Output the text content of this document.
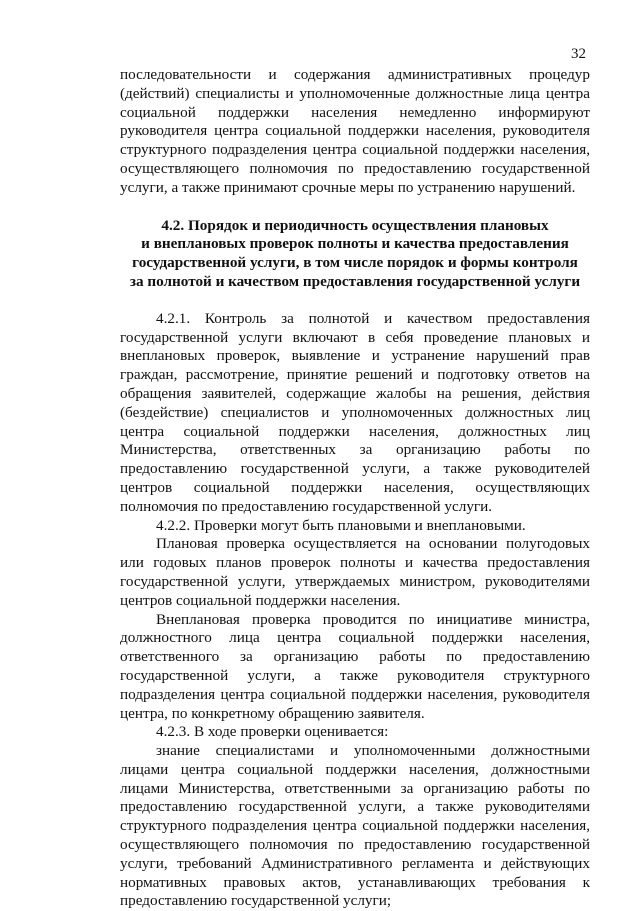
32

последовательности и содержания административных процедур (действий) специалисты и уполномоченные должностные лица центра социальной поддержки населения немедленно информируют руководителя центра социальной поддержки населения, руководителя структурного подразделения центра социальной поддержки населения, осуществляющего полномочия по предоставлению государственной услуги, а также принимают срочные меры по устранению нарушений.

4.2. Порядок и периодичность осуществления плановых
и внеплановых проверок полноты и качества предоставления
государственной услуги, в том числе порядок и формы контроля
за полнотой и качеством предоставления государственной услуги

4.2.1. Контроль за полнотой и качеством предоставления государственной услуги включают в себя проведение плановых и внеплановых проверок, выявление и устранение нарушений прав граждан, рассмотрение, принятие решений и подготовку ответов на обращения заявителей, содержащие жалобы на решения, действия (бездействие) специалистов и уполномоченных должностных лиц центра социальной поддержки населения, должностных лиц Министерства, ответственных за организацию работы по предоставлению государственной услуги, а также руководителей центров социальной поддержки населения, осуществляющих полномочия по предоставлению государственной услуги.

4.2.2. Проверки могут быть плановыми и внеплановыми.

Плановая проверка осуществляется на основании полугодовых или годовых планов проверок полноты и качества предоставления государственной услуги, утверждаемых министром, руководителями центров социальной поддержки населения.

Внеплановая проверка проводится по инициативе министра, должностного лица центра социальной поддержки населения, ответственного за организацию работы по предоставлению государственной услуги, а также руководителя структурного подразделения центра социальной поддержки населения, руководителя центра, по конкретному обращению заявителя.

4.2.3. В ходе проверки оценивается:

знание специалистами и уполномоченными должностными лицами центра социальной поддержки населения, должностными лицами Министерства, ответственными за организацию работы по предоставлению государственной услуги, а также руководителями структурного подразделения центра социальной поддержки населения, осуществляющего полномочия по предоставлению государственной услуги, требований Административного регламента и действующих нормативных правовых актов, устанавливающих требования к предоставлению государственной услуги;
